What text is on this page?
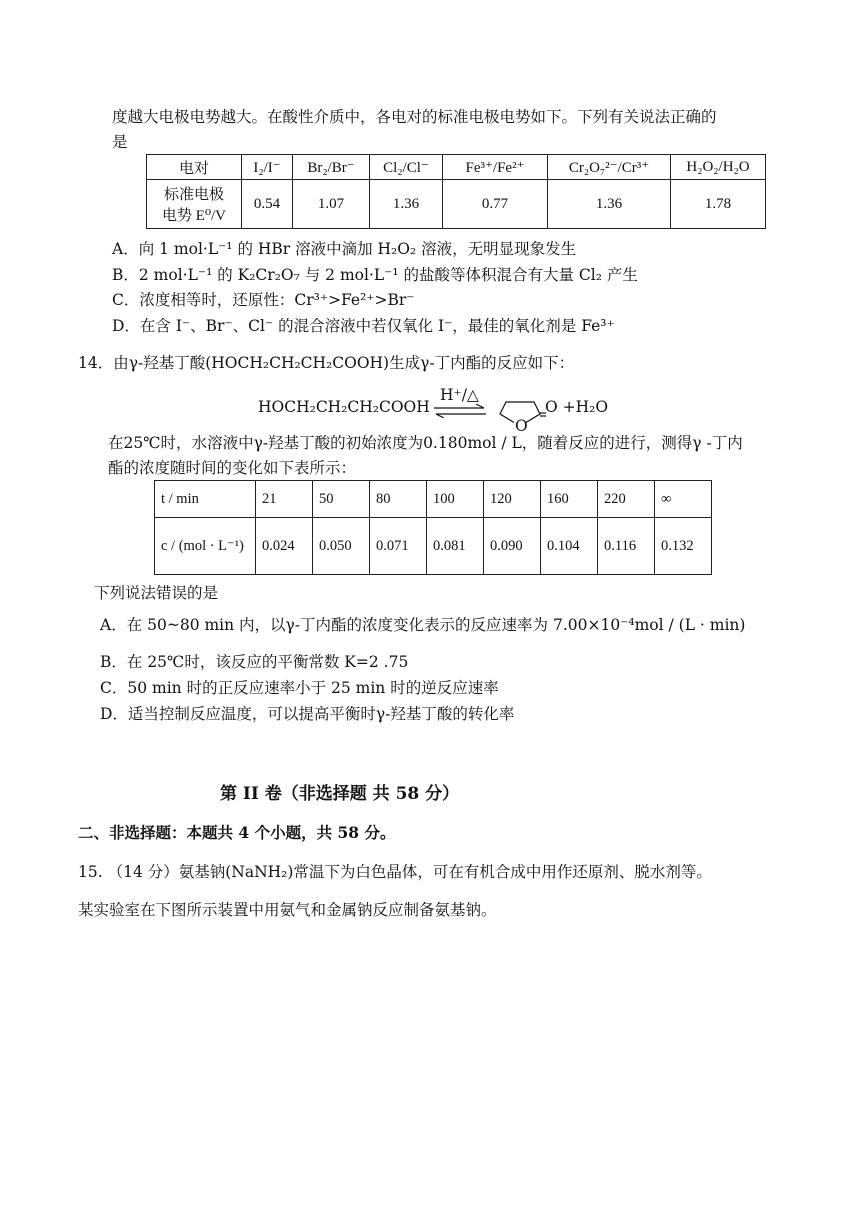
度越大电极电势越大。在酸性介质中，各电对的标准电极电势如下。下列有关说法正确的
是
电对	I₂/I⁻	Br₂/Br⁻	Cl₂/Cl⁻	Fe³⁺/Fe²⁺	Cr₂O₇²⁻/Cr³⁺	H₂O₂/H₂O

标准电极
电势 E⁰/V	0.54	1.07	1.36	0.77	1.36	1.78
A．向 1 mol·L⁻¹ 的 HBr 溶液中滴加 H₂O₂ 溶液，无明显现象发生
B．2 mol·L⁻¹ 的 K₂Cr₂O₇ 与 2 mol·L⁻¹ 的盐酸等体积混合有大量 Cl₂ 产生
C．浓度相等时，还原性：Cr³⁺>Fe²⁺>Br⁻
D．在含 I⁻、Br⁻、Cl⁻ 的混合溶液中若仅氧化 I⁻，最佳的氧化剂是 Fe³⁺
14．由γ-羟基丁酸(HOCH₂CH₂CH₂COOH)生成γ-丁内酯的反应如下：
HOCH₂CH₂CH₂COOH
H⁺/△
O
O +H₂O
在25℃时，水溶液中γ-羟基丁酸的初始浓度为0.180mol / L，随着反应的进行，测得γ -丁内
酯的浓度随时间的变化如下表所示：
t / min	21	50	80	100	120	160	220	∞
c / (mol · L⁻¹)	0.024	0.050	0.071	0.081	0.090	0.104	0.116	0.132
下列说法错误的是
A．在 50~80 min 内，以γ-丁内酯的浓度变化表示的反应速率为 7.00×10⁻⁴mol / (L · min)
B．在 25℃时，该反应的平衡常数 K=2 .75
C．50 min 时的正反应速率小于 25 min 时的逆反应速率
D．适当控制反应温度，可以提高平衡时γ-羟基丁酸的转化率
第 II 卷（非选择题 共 58 分）
二、非选择题：本题共 4 个小题，共 58 分。
15. （14 分）氨基钠(NaNH₂)常温下为白色晶体，可在有机合成中用作还原剂、脱水剂等。
某实验室在下图所示装置中用氨气和金属钠反应制备氨基钠。
